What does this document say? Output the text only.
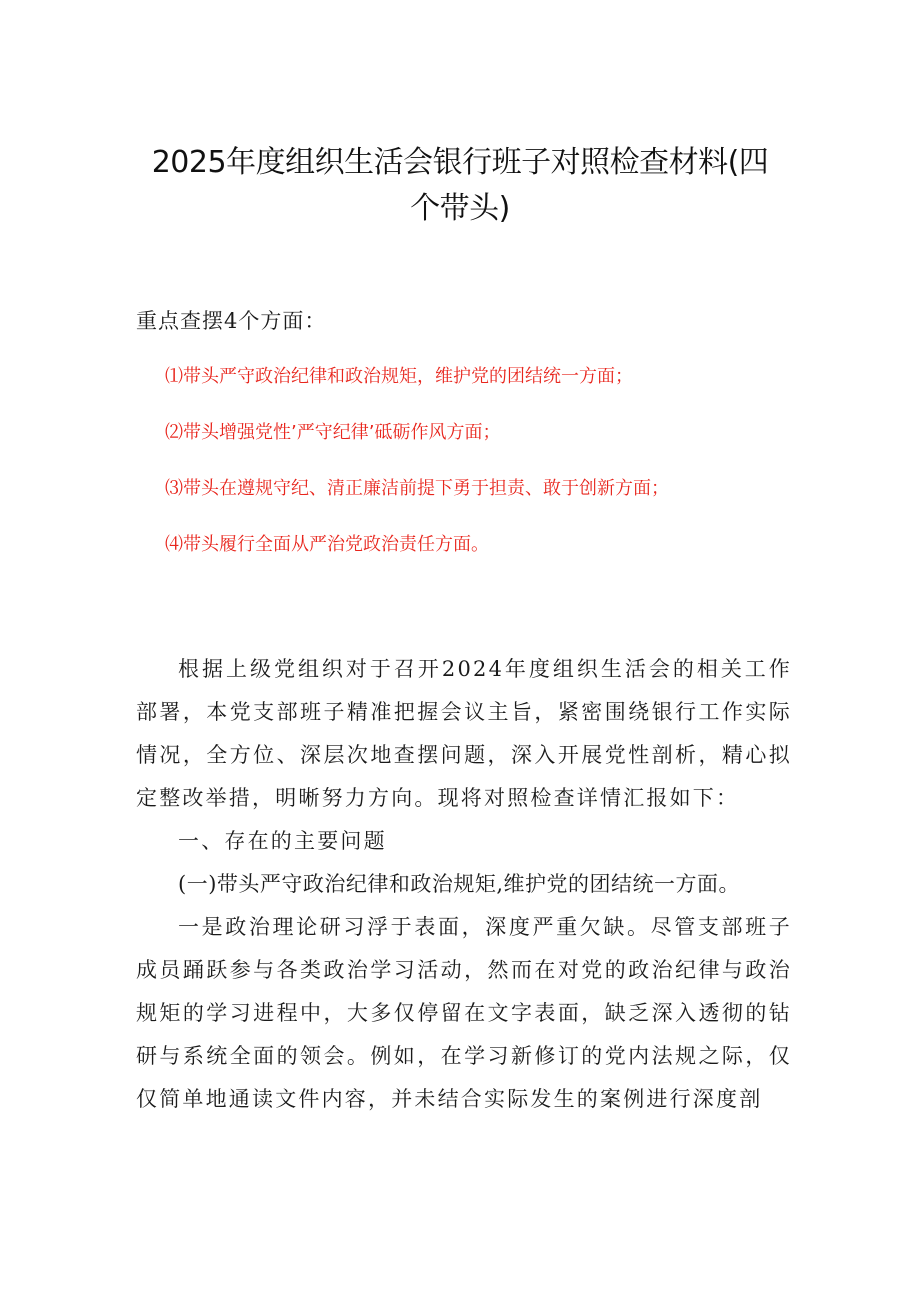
2025年度组织生活会银行班子对照检查材料(四
个带头)
重点查摆4个方面：
⑴带头严守政治纪律和政治规矩，维护党的团结统一方面；
⑵带头增强党性’严守纪律’砥砺作风方面；
⑶带头在遵规守纪、清正廉洁前提下勇于担责、敢于创新方面；
⑷带头履行全面从严治党政治责任方面。

根据上级党组织对于召开2024年度组织生活会的相关工作部署，本党支部班子精准把握会议主旨，紧密围绕银行工作实际情况，全方位、深层次地查摆问题，深入开展党性剖析，精心拟定整改举措，明晰努力方向。现将对照检查详情汇报如下：

一、存在的主要问题

(一)带头严守政治纪律和政治规矩,维护党的团结统一方面。

一是政治理论研习浮于表面，深度严重欠缺。尽管支部班子成员踊跃参与各类政治学习活动，然而在对党的政治纪律与政治规矩的学习进程中，大多仅停留在文字表面，缺乏深入透彻的钻研与系统全面的领会。例如，在学习新修订的党内法规之际，仅仅简单地通读文件内容，并未结合实际发生的案例进行深度剖
